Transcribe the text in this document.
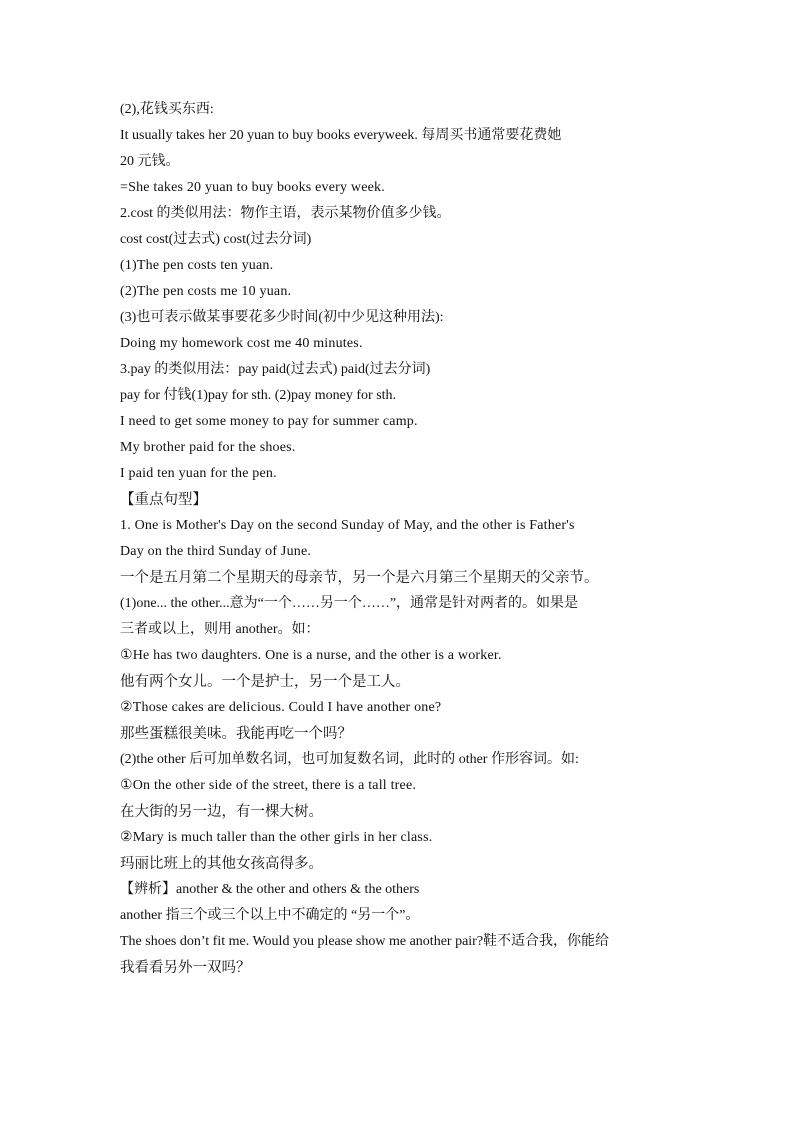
(2),花钱买东西:
It usually takes her 20 yuan to buy books everyweek. 每周买书通常要花费她
20 元钱。
=She takes 20 yuan to buy books every week.
2.cost 的类似用法：物作主语，表示某物价值多少钱。
cost cost(过去式) cost(过去分词)
(1)The pen costs ten yuan.
(2)The pen costs me 10 yuan.
(3)也可表示做某事要花多少时间(初中少见这种用法):
Doing my homework cost me 40 minutes.
3.pay 的类似用法：pay paid(过去式) paid(过去分词)
pay for 付钱(1)pay for sth. (2)pay money for sth.
I need to get some money to pay for summer camp.
My brother paid for the shoes.
I paid ten yuan for the pen.
【重点句型】
1. One is Mother's Day on the second Sunday of May, and the other is Father's
Day on the third Sunday of June.
一个是五月第二个星期天的母亲节，另一个是六月第三个星期天的父亲节。
(1)one... the other...意为“一个……另一个……”，通常是针对两者的。如果是
三者或以上，则用 another。如：
①He has two daughters. One is a nurse, and the other is a worker.
他有两个女儿。一个是护士，另一个是工人。
②Those cakes are delicious. Could I have another one?
那些蛋糕很美味。我能再吃一个吗？
(2)the other 后可加单数名词，也可加复数名词，此时的 other 作形容词。如:
①On the other side of the street, there is a tall tree.
在大街的另一边，有一棵大树。
②Mary is much taller than the other girls in her class.
玛丽比班上的其他女孩高得多。
【辨析】another & the other and others & the others
another 指三个或三个以上中不确定的 “另一个”。
The shoes don’t fit me. Would you please show me another pair?鞋不适合我，你能给
我看看另外一双吗？
